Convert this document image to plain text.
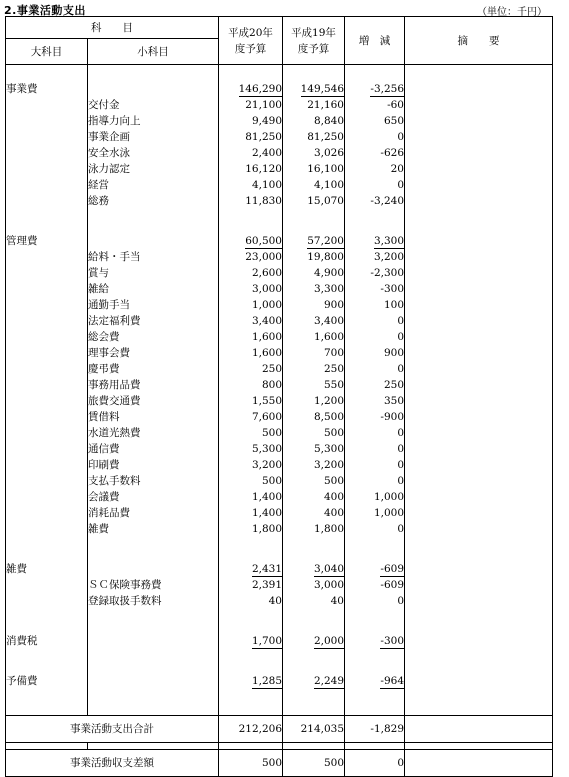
2.事業活動支出	（単位：千円）
科　　目		平成20年度予算	平成19年度予算	増　減	摘　　要
大科目	小科目				

事業費		146,290	149,546	-3,256	
	交付金	21,100	21,160	-60	
	指導力向上	9,490	8,840	650	
	事業企画	81,250	81,250	0	
	安全水泳	2,400	3,026	-626	
	泳力認定	16,120	16,100	20	
	経営	4,100	4,100	0	
	総務	11,830	15,070	-3,240	

管理費		60,500	57,200	3,300	
	給料・手当	23,000	19,800	3,200	
	賞与	2,600	4,900	-2,300	
	雑給	3,000	3,300	-300	
	通勤手当	1,000	900	100	
	法定福利費	3,400	3,400	0	
	総会費	1,600	1,600	0	
	理事会費	1,600	700	900	
	慶弔費	250	250	0	
	事務用品費	800	550	250	
	旅費交通費	1,550	1,200	350	
	賃借料	7,600	8,500	-900	
	水道光熱費	500	500	0	
	通信費	5,300	5,300	0	
	印刷費	3,200	3,200	0	
	支払手数料	500	500	0	
	会議費	1,400	400	1,000	
	消耗品費	1,400	400	1,000	
	雑費	1,800	1,800	0	

雑費		2,431	3,040	-609	
	ＳＣ保険事務費	2,391	3,000	-609	
	登録取扱手数料	40	40	0	

消費税		1,700	2,000	-300	

予備費		1,285	2,249	-964	

事業活動支出合計		212,206	214,035	-1,829	

事業活動収支差額		500	500	0	
